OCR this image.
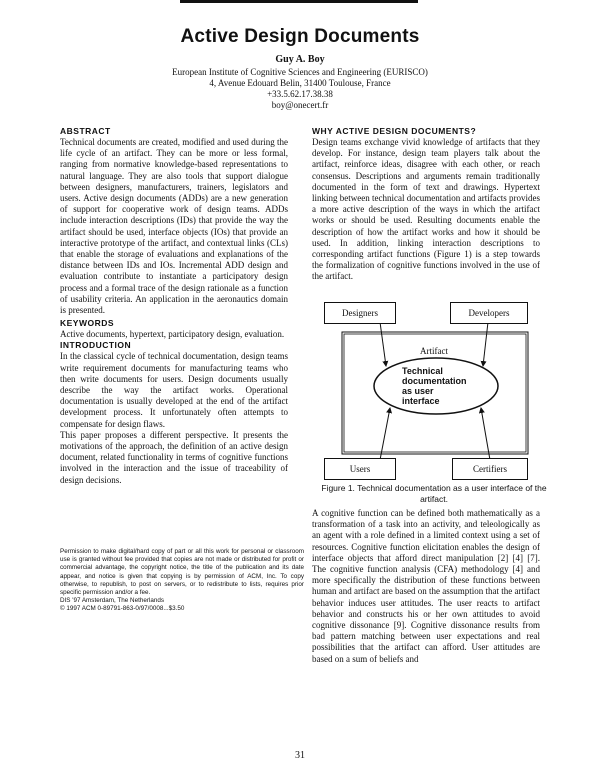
Active Design Documents
Guy A. Boy
European Institute of Cognitive Sciences and Engineering (EURISCO)
4, Avenue Edouard Belin, 31400 Toulouse, France
+33.5.62.17.38.38
boy@onecert.fr

ABSTRACT

Technical documents are created, modified and used during the life cycle of an artifact. They can be more or less formal, ranging from normative knowledge-based representations to natural language. They are also tools that support dialogue between designers, manufacturers, trainers, legislators and users. Active design documents (ADDs) are a new generation of support for cooperative work of design teams. ADDs include interaction descriptions (IDs) that provide the way the artifact should be used, interface objects (IOs) that provide an interactive prototype of the artifact, and contextual links (CLs) that enable the storage of evaluations and explanations of the distance between IDs and IOs. Incremental ADD design and evaluation contribute to instantiate a participatory design process and a formal trace of the design rationale as a function of usability criteria. An application in the aeronautics domain is presented.

KEYWORDS

Active documents, hypertext, participatory design, evaluation.

INTRODUCTION

In the classical cycle of technical documentation, design teams write requirement documents for manufacturing teams who then write documents for users. Design documents usually describe the way the artifact works. Operational documentation is usually developed at the end of the artifact development process. It unfortunately often attempts to compensate for design flaws.

This paper proposes a different perspective. It presents the motivations of the approach, the definition of an active design document, related functionality in terms of cognitive functions involved in the interaction and the issue of traceability of design decisions.

Permission to make digital/hard copy of part or all this work for personal or classroom use is granted without fee provided that copies are not made or distributed for profit or commercial advantage, the copyright notice, the title of the publication and its date appear, and notice is given that copying is by permission of ACM, Inc. To copy otherwise, to republish, to post on servers, or to redistribute to lists, requires prior specific permission and/or a fee.

DIS '97 Amsterdam, The Netherlands

© 1997 ACM 0-89791-863-0/97/0008...$3.50

WHY ACTIVE DESIGN DOCUMENTS?

Design teams exchange vivid knowledge of artifacts that they develop. For instance, design team players talk about the artifact, reinforce ideas, disagree with each other, or reach consensus. Descriptions and arguments remain traditionally documented in the form of text and drawings. Hypertext linking between technical documentation and artifacts provides a more active description of the ways in which the artifact works or should be used. Resulting documents enable the description of how the artifact works and how it should be used. In addition, linking interaction descriptions to corresponding artifact functions (Figure 1) is a step towards the formalization of cognitive functions involved in the use of the artifact.

Designers	Developers
Users	Certifiers
Artifact
Technical documentation as user interface
Figure 1. Technical documentation as a user interface of the artifact.

A cognitive function can be defined both mathematically as a transformation of a task into an activity, and teleologically as an agent with a role defined in a limited context using a set of resources. Cognitive function elicitation enables the design of interface objects that afford direct manipulation [2] [4] [7]. The cognitive function analysis (CFA) methodology [4] and more specifically the distribution of these functions between human and artifact are based on the assumption that the artifact behavior induces user attitudes. The user reacts to artifact behavior and constructs his or her own attitudes to avoid cognitive dissonance [9]. Cognitive dissonance results from bad pattern matching between user expectations and real possibilities that the artifact can afford. User attitudes are based on a sum of beliefs and

31
